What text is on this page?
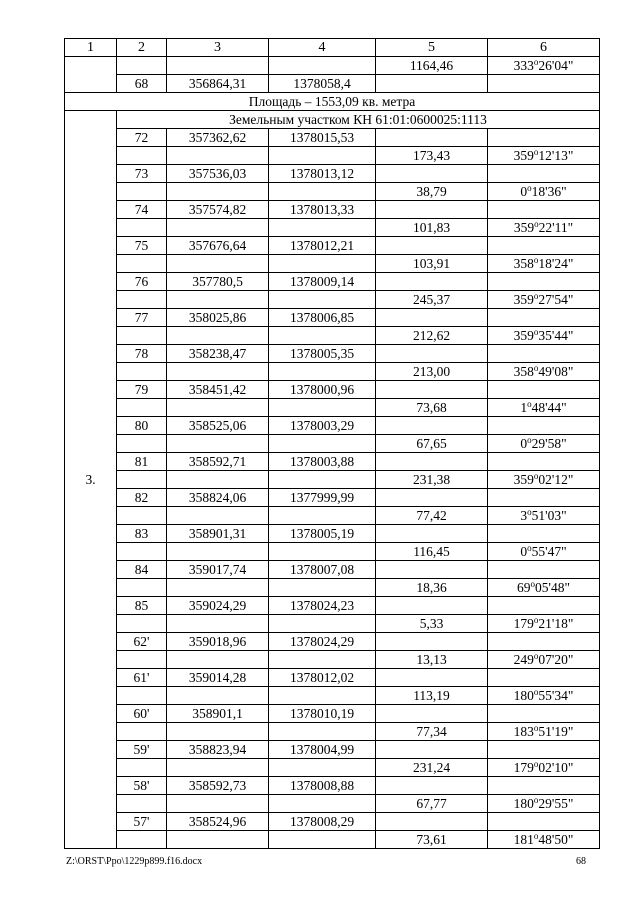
1	2	3	4	5	6
				1164,46	333$^o$26'04"
	68	356864,31	1378058,4		
Площадь – 1553,09 кв. метра					
3.	Земельным участком КН 61:01:0600025:1113				
	72	357362,62	1378015,53		
				173,43	359$^o$12'13"
	73	357536,03	1378013,12		
				38,79	0$^o$18'36"
	74	357574,82	1378013,33		
				101,83	359$^o$22'11"
	75	357676,64	1378012,21		
				103,91	358$^o$18'24"
	76	357780,5	1378009,14		
				245,37	359$^o$27'54"
	77	358025,86	1378006,85		
				212,62	359$^o$35'44"
	78	358238,47	1378005,35		
				213,00	358$^o$49'08"
	79	358451,42	1378000,96		
				73,68	1$^o$48'44"
	80	358525,06	1378003,29		
				67,65	0$^o$29'58"
	81	358592,71	1378003,88		
				231,38	359$^o$02'12"
	82	358824,06	1377999,99		
				77,42	3$^o$51'03"
	83	358901,31	1378005,19		
				116,45	0$^o$55'47"
	84	359017,74	1378007,08		
				18,36	69$^o$05'48"
	85	359024,29	1378024,23		
				5,33	179$^o$21'18"
	62'	359018,96	1378024,29		
				13,13	249$^o$07'20"
	61'	359014,28	1378012,02		
				113,19	180$^o$55'34"
	60'	358901,1	1378010,19		
				77,34	183$^o$51'19"
	59'	358823,94	1378004,99		
				231,24	179$^o$02'10"
	58'	358592,73	1378008,88		
				67,77	180$^o$29'55"
	57'	358524,96	1378008,29		
				73,61	181$^o$48'50"
Z:\ORST\Ppo\1229p899.f16.docx	68
